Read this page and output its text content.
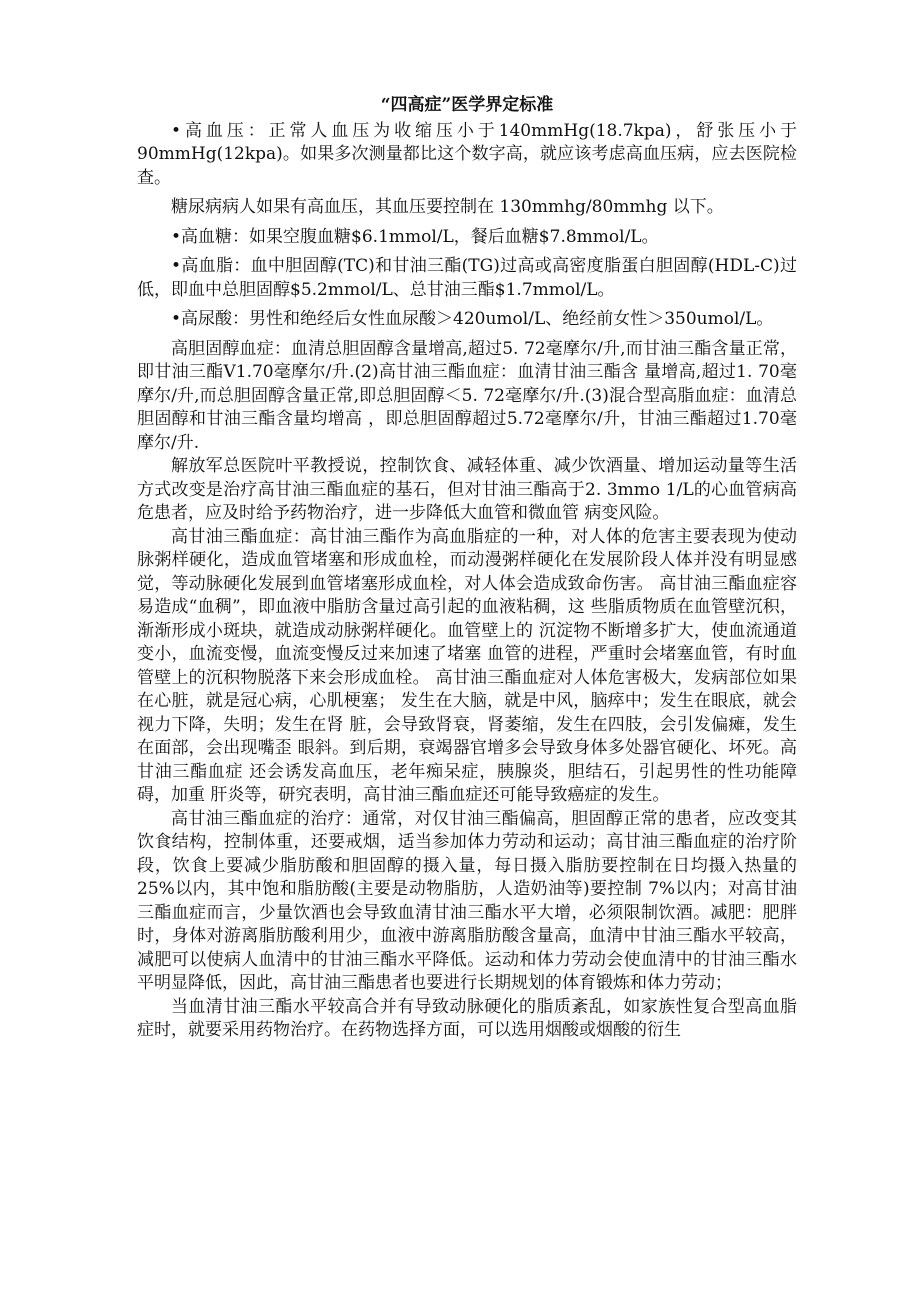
“四高症”医学界定标准

•高血压：正常人血压为收缩压小于140mmHg(18.7kpa)，舒张压小于90mmHg(12kpa)。如果多次测量都比这个数字高，就应该考虑高血压病，应去医院检查。

糖尿病病人如果有高血压，其血压要控制在 130mmhg/80mmhg 以下。

•高血糖：如果空腹血糖$6.1mmol/L，餐后血糖$7.8mmol/L。

•高血脂：血中胆固醇(TC)和甘油三酯(TG)过高或高密度脂蛋白胆固醇(HDL-C)过低，即血中总胆固醇$5.2mmol/L、总甘油三酯$1.7mmol/L。

•高尿酸：男性和绝经后女性血尿酸＞420umol/L、绝经前女性＞350umol/L。

高胆固醇血症：血清总胆固醇含量增高,超过5. 72毫摩尔/升,而甘油三酯含量正常，即甘油三酯V1.70毫摩尔/升.(2)高甘油三酯血症：血清甘油三酯含 量增高,超过1. 70毫摩尔/升,而总胆固醇含量正常,即总胆固醇＜5. 72毫摩尔/升.(3)混合型高脂血症：血清总胆固醇和甘油三酯含量均增高 ，即总胆固醇超过5.72毫摩尔/升，甘油三酯超过1.70毫摩尔/升.

解放军总医院叶平教授说，控制饮食、减轻体重、减少饮酒量、增加运动量等生活方式改变是治疗高甘油三酯血症的基石，但对甘油三酯高于2. 3mmo 1/L的心血管病高危患者，应及时给予药物治疗，进一步降低大血管和微血管 病变风险。

高甘油三酯血症：高甘油三酯作为高血脂症的一种，对人体的危害主要表现为使动脉粥样硬化，造成血管堵塞和形成血栓，而动漫粥样硬化在发展阶段人体并没有明显感觉，等动脉硬化发展到血管堵塞形成血栓，对人体会造成致命伤害。 高甘油三酯血症容易造成“血稠”，即血液中脂肪含量过高引起的血液粘稠，这 些脂质物质在血管壁沉积，渐渐形成小斑块，就造成动脉粥样硬化。血管壁上的 沉淀物不断增多扩大，使血流通道变小，血流变慢，血流变慢反过来加速了堵塞 血管的进程，严重时会堵塞血管，有时血管壁上的沉积物脱落下来会形成血栓。 高甘油三酯血症对人体危害极大，发病部位如果在心脏，就是冠心病，心肌梗塞； 发生在大脑，就是中风，脑瘁中；发生在眼底，就会视力下降，失明；发生在肾 脏，会导致肾衰，肾萎缩，发生在四肢，会引发偏瘫，发生在面部，会出现嘴歪 眼斜。到后期，衰竭器官增多会导致身体多处器官硬化、坏死。高甘油三酯血症 还会诱发高血压，老年痴呆症，胰腺炎，胆结石，引起男性的性功能障碍，加重 肝炎等，研究表明，高甘油三酯血症还可能导致癌症的发生。

高甘油三酯血症的治疗：通常，对仅甘油三酯偏高，胆固醇正常的患者，应改变其饮食结构，控制体重，还要戒烟，适当参加体力劳动和运动；高甘油三酯血症的治疗阶段，饮食上要减少脂肪酸和胆固醇的摄入量，每日摄入脂肪要控制在日均摄入热量的 25%以内，其中饱和脂肪酸(主要是动物脂肪，人造奶油等)要控制 7%以内；对高甘油三酯血症而言，少量饮酒也会导致血清甘油三酯水平大增，必须限制饮酒。减肥：肥胖时，身体对游离脂肪酸利用少，血液中游离脂肪酸含量高，血清中甘油三酯水平较高，减肥可以使病人血清中的甘油三酯水平降低。运动和体力劳动会使血清中的甘油三酯水平明显降低，因此，高甘油三酯患者也要进行长期规划的体育锻炼和体力劳动；

当血清甘油三酯水平较高合并有导致动脉硬化的脂质紊乱，如家族性复合型高血脂症时，就要采用药物治疗。在药物选择方面，可以选用烟酸或烟酸的衍生
